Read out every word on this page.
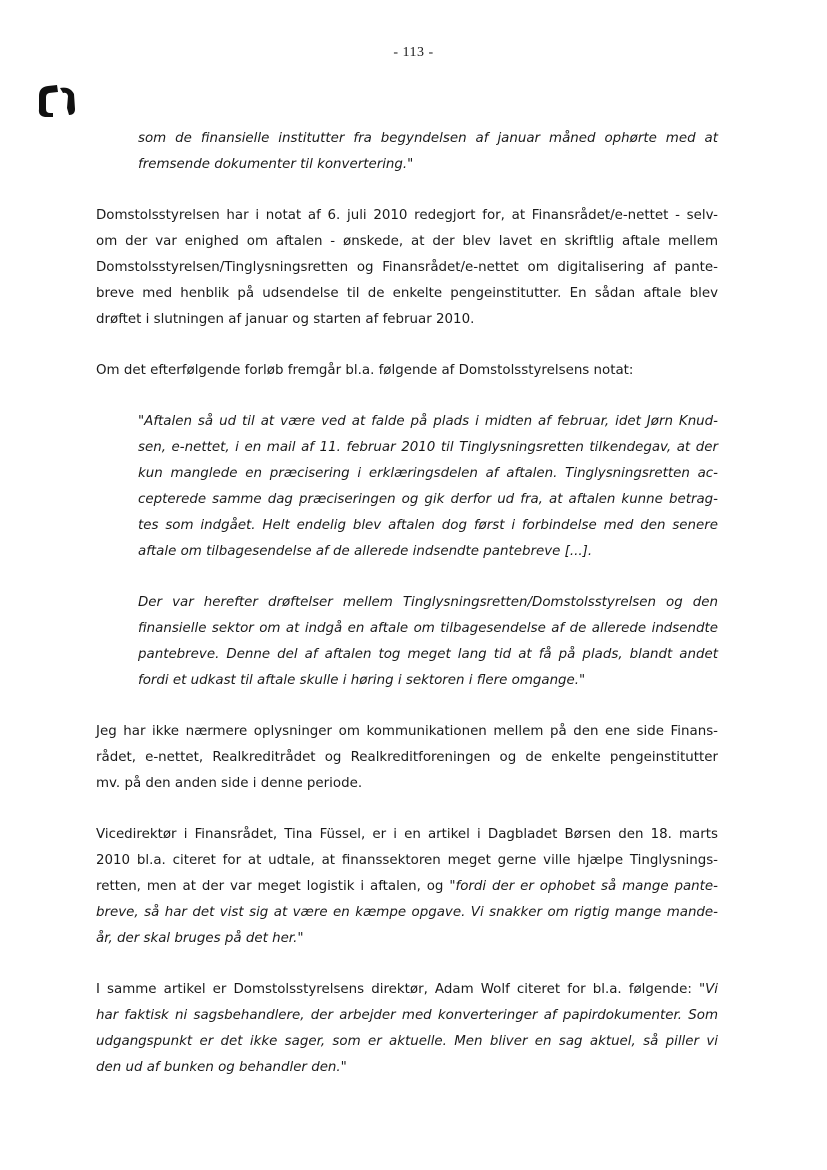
- 113 -
som de finansielle institutter fra begyndelsen af januar måned ophørte med at
fremsende dokumenter til konvertering."
Domstolsstyrelsen har i notat af 6. juli 2010 redegjort for, at Finansrådet/e-nettet - selv-
om der var enighed om aftalen - ønskede, at der blev lavet en skriftlig aftale mellem
Domstolsstyrelsen/Tinglysningsretten og Finansrådet/e-nettet om digitalisering af pante-
breve med henblik på udsendelse til de enkelte pengeinstitutter. En sådan aftale blev
drøftet i slutningen af januar og starten af februar 2010.
Om det efterfølgende forløb fremgår bl.a. følgende af Domstolsstyrelsens notat:
"Aftalen så ud til at være ved at falde på plads i midten af februar, idet Jørn Knud-
sen, e-nettet, i en mail af 11. februar 2010 til Tinglysningsretten tilkendegav, at der
kun manglede en præcisering i erklæringsdelen af aftalen. Tinglysningsretten ac-
cepterede samme dag præciseringen og gik derfor ud fra, at aftalen kunne betrag-
tes som indgået. Helt endelig blev aftalen dog først i forbindelse med den senere
aftale om tilbagesendelse af de allerede indsendte pantebreve [...].
Der var herefter drøftelser mellem Tinglysningsretten/Domstolsstyrelsen og den
finansielle sektor om at indgå en aftale om tilbagesendelse af de allerede indsendte
pantebreve. Denne del af aftalen tog meget lang tid at få på plads, blandt andet
fordi et udkast til aftale skulle i høring i sektoren i flere omgange."
Jeg har ikke nærmere oplysninger om kommunikationen mellem på den ene side Finans-
rådet, e-nettet, Realkreditrådet og Realkreditforeningen og de enkelte pengeinstitutter
mv. på den anden side i denne periode.
Vicedirektør i Finansrådet, Tina Füssel, er i en artikel i Dagbladet Børsen den 18. marts
2010 bl.a. citeret for at udtale, at finanssektoren meget gerne ville hjælpe Tinglysnings-
retten, men at der var meget logistik i aftalen, og "fordi der er ophobet så mange pante-
breve, så har det vist sig at være en kæmpe opgave. Vi snakker om rigtig mange mande-
år, der skal bruges på det her."
I samme artikel er Domstolsstyrelsens direktør, Adam Wolf citeret for bl.a. følgende: "Vi
har faktisk ni sagsbehandlere, der arbejder med konverteringer af papirdokumenter. Som
udgangspunkt er det ikke sager, som er aktuelle. Men bliver en sag aktuel, så piller vi
den ud af bunken og behandler den."
